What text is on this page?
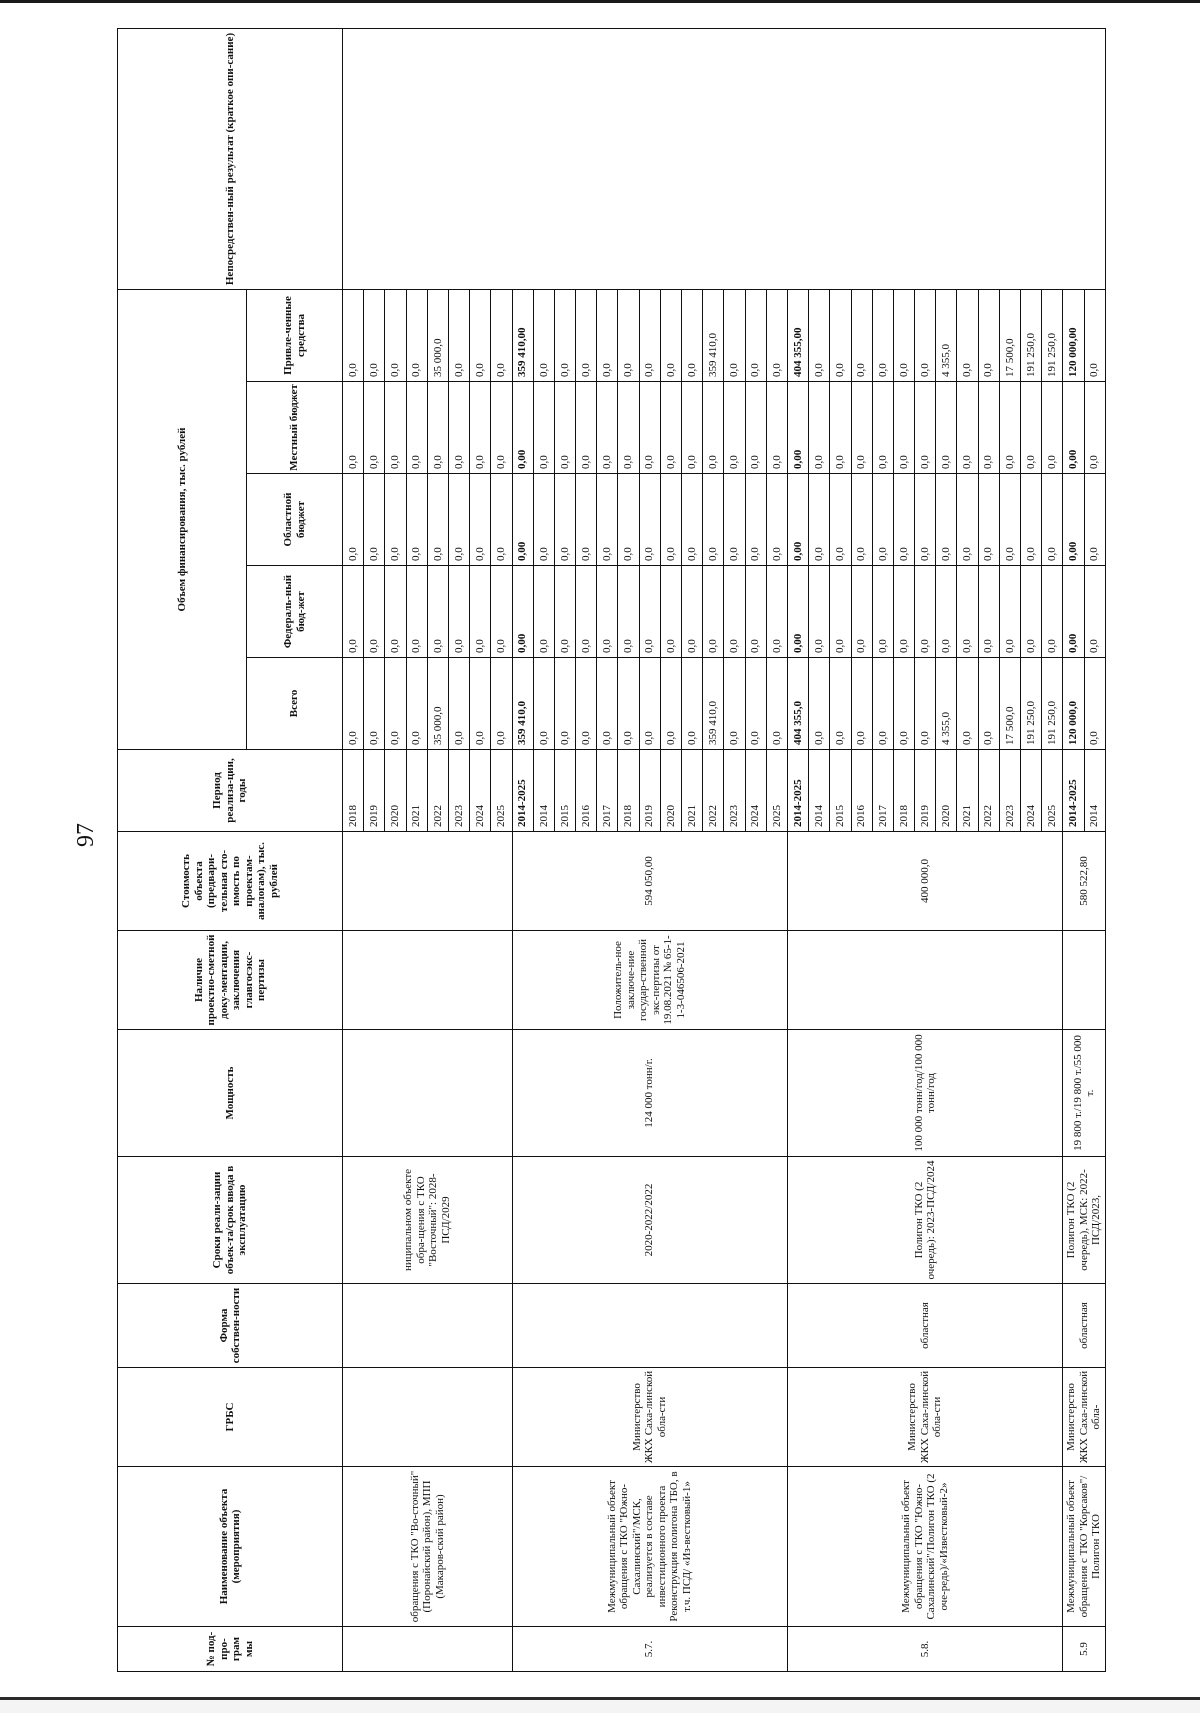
97
№ под-про-грам мы	Наименование объекта (мероприятия)	ГРБС	Форма собствен-ности	Сроки реали-зации объек-та/срок ввода в эксплуатацию	Мощность	Наличие проектно-сметной доку-ментации, заключения главгосэкс-пертизы	Стоимость объекта (предвари-тельная сто-имость по проектам-аналогам), тыс. рублей	Период реализа-ции, годы	Объем финансирования, тыс. рублей					Непосредствен-ный результат (краткое опи-сание)
									Всего	Федераль-ный бюд-жет	Областной бюджет	Местный бюджет	Привле-ченные средства	
	обращения с ТКО "Во-сточный" (Поронайский район), МПП (Макаров-ский район)			ниципальном объекте обра-щения с ТКО "Восточный": 2028-ПСД/2029				2018	0,0	0,0	0,0	0,0	0,0	
								2019	0,0	0,0	0,0	0,0	0,0	
								2020	0,0	0,0	0,0	0,0	0,0	
								2021	0,0	0,0	0,0	0,0	0,0	
								2022	35 000,0	0,0	0,0	0,0	35 000,0	
								2023	0,0	0,0	0,0	0,0	0,0	
								2024	0,0	0,0	0,0	0,0	0,0	
								2025	0,0	0,0	0,0	0,0	0,0	
5.7.	Межмуниципальный объект обращения с ТКО "Южно-Сахалинский"/МСК, реализуется в составе инвестиционного проекта Реконструкция полигона ТБО, в т.ч. ПСД/ «Из-вестковый-1»	Министерство ЖКХ Саха-линской обла-сти		2020-2022/2022	124 000 тонн/г.	Положитель-ное заключе-ние государ-ственной экс-пертизы от 19.08.2021 № 65-1-1-3-046506-2021	594 050,00	2014-2025	359 410,0	0,00	0,00	0,00	359 410,00	
								2014	0,0	0,0	0,0	0,0	0,0	
								2015	0,0	0,0	0,0	0,0	0,0	
								2016	0,0	0,0	0,0	0,0	0,0	
								2017	0,0	0,0	0,0	0,0	0,0	
								2018	0,0	0,0	0,0	0,0	0,0	
								2019	0,0	0,0	0,0	0,0	0,0	
								2020	0,0	0,0	0,0	0,0	0,0	
								2021	0,0	0,0	0,0	0,0	0,0	
								2022	359 410,0	0,0	0,0	0,0	359 410,0	
								2023	0,0	0,0	0,0	0,0	0,0	
								2024	0,0	0,0	0,0	0,0	0,0	
								2025	0,0	0,0	0,0	0,0	0,0	
5.8.	Межмуниципальный объект обращения с ТКО "Южно-Сахалинский"/Полигон ТКО (2 оче-редь)/«Известковый-2»	Министерство ЖКХ Саха-линской обла-сти	областная	Полигон ТКО (2 очередь): 2023-ПСД/2024	100 000 тонн/год/100 000 тонн/год		400 000,0	2014-2025	404 355,0	0,00	0,00	0,00	404 355,00	
								2014	0,0	0,0	0,0	0,0	0,0	
								2015	0,0	0,0	0,0	0,0	0,0	
								2016	0,0	0,0	0,0	0,0	0,0	
								2017	0,0	0,0	0,0	0,0	0,0	
								2018	0,0	0,0	0,0	0,0	0,0	
								2019	0,0	0,0	0,0	0,0	0,0	
								2020	4 355,0	0,0	0,0	0,0	4 355,0	
								2021	0,0	0,0	0,0	0,0	0,0	
								2022	0,0	0,0	0,0	0,0	0,0	
								2023	17 500,0	0,0	0,0	0,0	17 500,0	
								2024	191 250,0	0,0	0,0	0,0	191 250,0	
								2025	191 250,0	0,0	0,0	0,0	191 250,0	
5.9	Межмуниципальный объект обращения с ТКО "Корсаков"/Полигон ТКО	Министерство ЖКХ Саха-линской обла-	областная	Полигон ТКО (2 очередь), МСК: 2022-ПСД/2023,	19 800 т./19 800 т./55 000 т.		580 522,80	2014-2025	120 000,0	0,00	0,00	0,00	120 000,00	
								2014	0,0	0,0	0,0	0,0	0,0	
